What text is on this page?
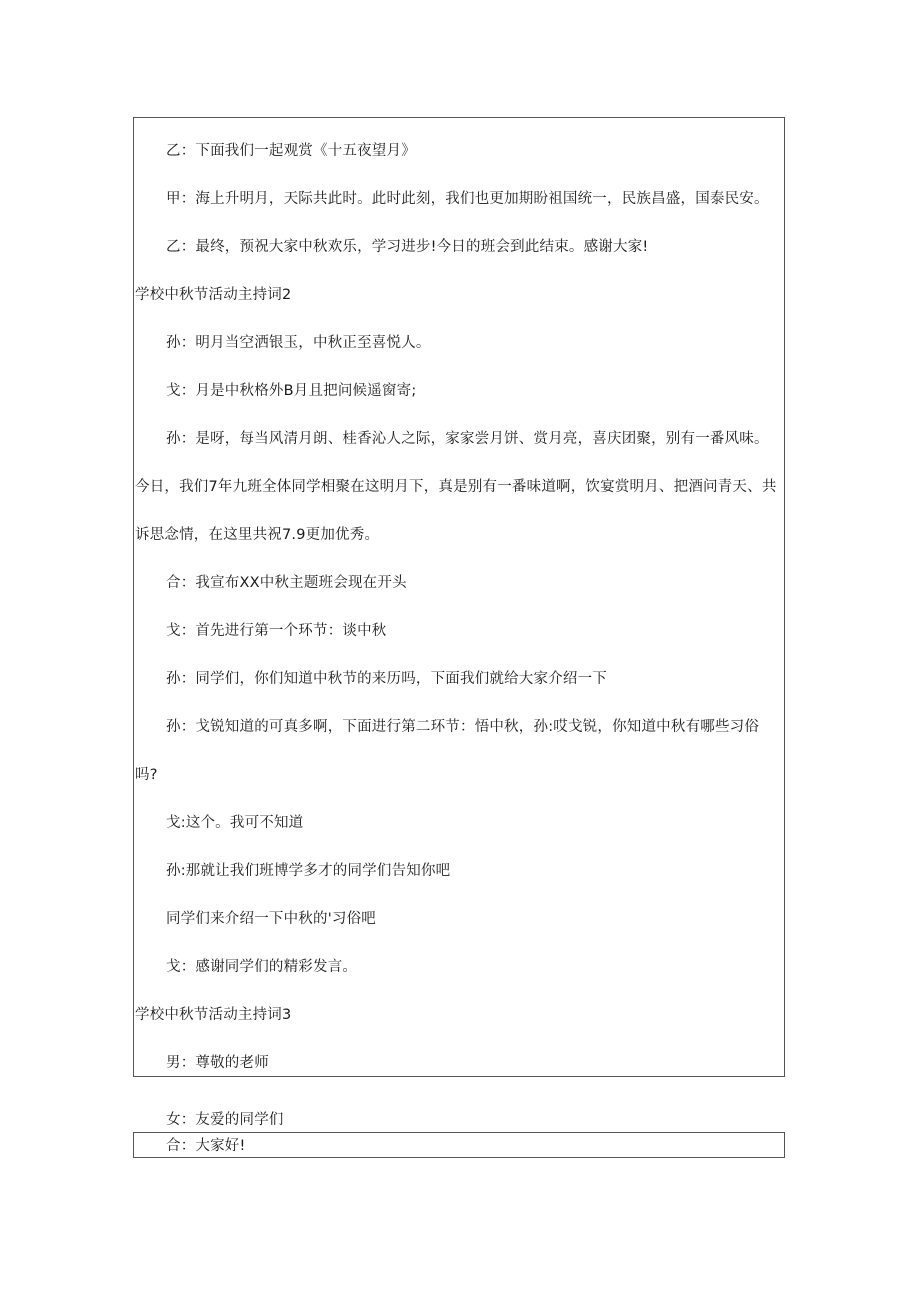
乙：下面我们一起观赏《十五夜望月》
甲：海上升明月，天际共此时。此时此刻，我们也更加期盼祖国统一，民族昌盛，国泰民安。
乙：最终，预祝大家中秋欢乐，学习进步!今日的班会到此结束。感谢大家!
学校中秋节活动主持词2
孙：明月当空洒银玉，中秋正至喜悦人。
戈：月是中秋格外B月且把问候遥窗寄;
孙：是呀，每当风清月朗、桂香沁人之际，家家尝月饼、赏月亮，喜庆团聚，别有一番风味。
今日，我们7年九班全体同学相聚在这明月下，真是别有一番味道啊，饮宴赏明月、把酒问青天、共
诉思念情，在这里共祝7.9更加优秀。
合：我宣布XX中秋主题班会现在开头
戈：首先进行第一个环节：谈中秋
孙：同学们，你们知道中秋节的来历吗，下面我们就给大家介绍一下
孙：戈锐知道的可真多啊，下面进行第二环节：悟中秋，孙:哎戈锐，你知道中秋有哪些习俗
吗?
戈:这个。我可不知道
孙:那就让我们班博学多才的同学们告知你吧
同学们来介绍一下中秋的'习俗吧
戈：感谢同学们的精彩发言。
学校中秋节活动主持词3
男：尊敬的老师
女：友爱的同学们
合：大家好!
